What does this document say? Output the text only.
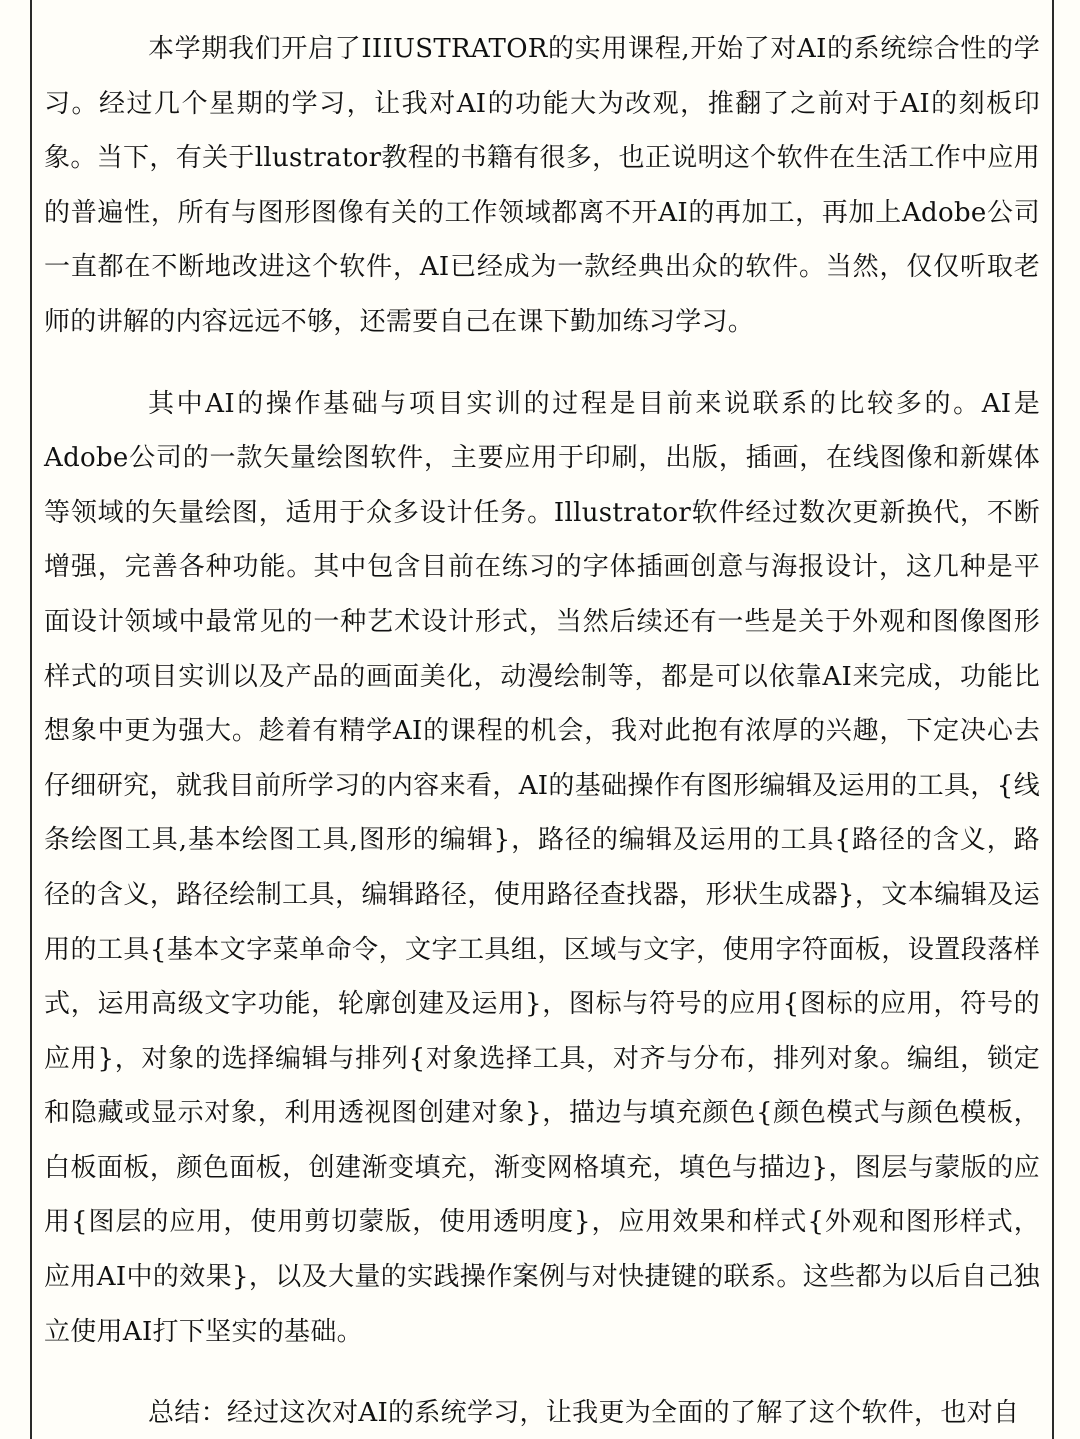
本学期我们开启了IIIUSTRATOR的实用课程,开始了对AI的系统综合性的学习。经过几个星期的学习，让我对AI的功能大为改观，推翻了之前对于AI的刻板印象。当下，有关于llustrator教程的书籍有很多，也正说明这个软件在生活工作中应用的普遍性，所有与图形图像有关的工作领域都离不开AI的再加工，再加上Adobe公司一直都在不断地改进这个软件，AI已经成为一款经典出众的软件。当然，仅仅听取老师的讲解的内容远远不够，还需要自己在课下勤加练习学习。

其中AI的操作基础与项目实训的过程是目前来说联系的比较多的。AI是Adobe公司的一款矢量绘图软件，主要应用于印刷，出版，插画，在线图像和新媒体等领域的矢量绘图，适用于众多设计任务。Illustrator软件经过数次更新换代，不断增强，完善各种功能。其中包含目前在练习的字体插画创意与海报设计，这几种是平面设计领域中最常见的一种艺术设计形式，当然后续还有一些是关于外观和图像图形样式的项目实训以及产品的画面美化，动漫绘制等，都是可以依靠AI来完成，功能比想象中更为强大。趁着有精学AI的课程的机会，我对此抱有浓厚的兴趣，下定决心去仔细研究，就我目前所学习的内容来看，AI的基础操作有图形编辑及运用的工具，{线条绘图工具,基本绘图工具,图形的编辑}，路径的编辑及运用的工具{路径的含义，路径的含义，路径绘制工具，编辑路径，使用路径查找器，形状生成器}，文本编辑及运用的工具{基本文字菜单命令，文字工具组，区域与文字，使用字符面板，设置段落样式，运用高级文字功能，轮廓创建及运用}，图标与符号的应用{图标的应用，符号的应用}，对象的选择编辑与排列{对象选择工具，对齐与分布，排列对象。编组，锁定和隐藏或显示对象，利用透视图创建对象}，描边与填充颜色{颜色模式与颜色模板，白板面板，颜色面板，创建渐变填充，渐变网格填充，填色与描边}，图层与蒙版的应用{图层的应用，使用剪切蒙版，使用透明度}，应用效果和样式{外观和图形样式，应用AI中的效果}，以及大量的实践操作案例与对快捷键的联系。这些都为以后自己独立使用AI打下坚实的基础。

总结：经过这次对AI的系统学习，让我更为全面的了解了这个软件，也对自
